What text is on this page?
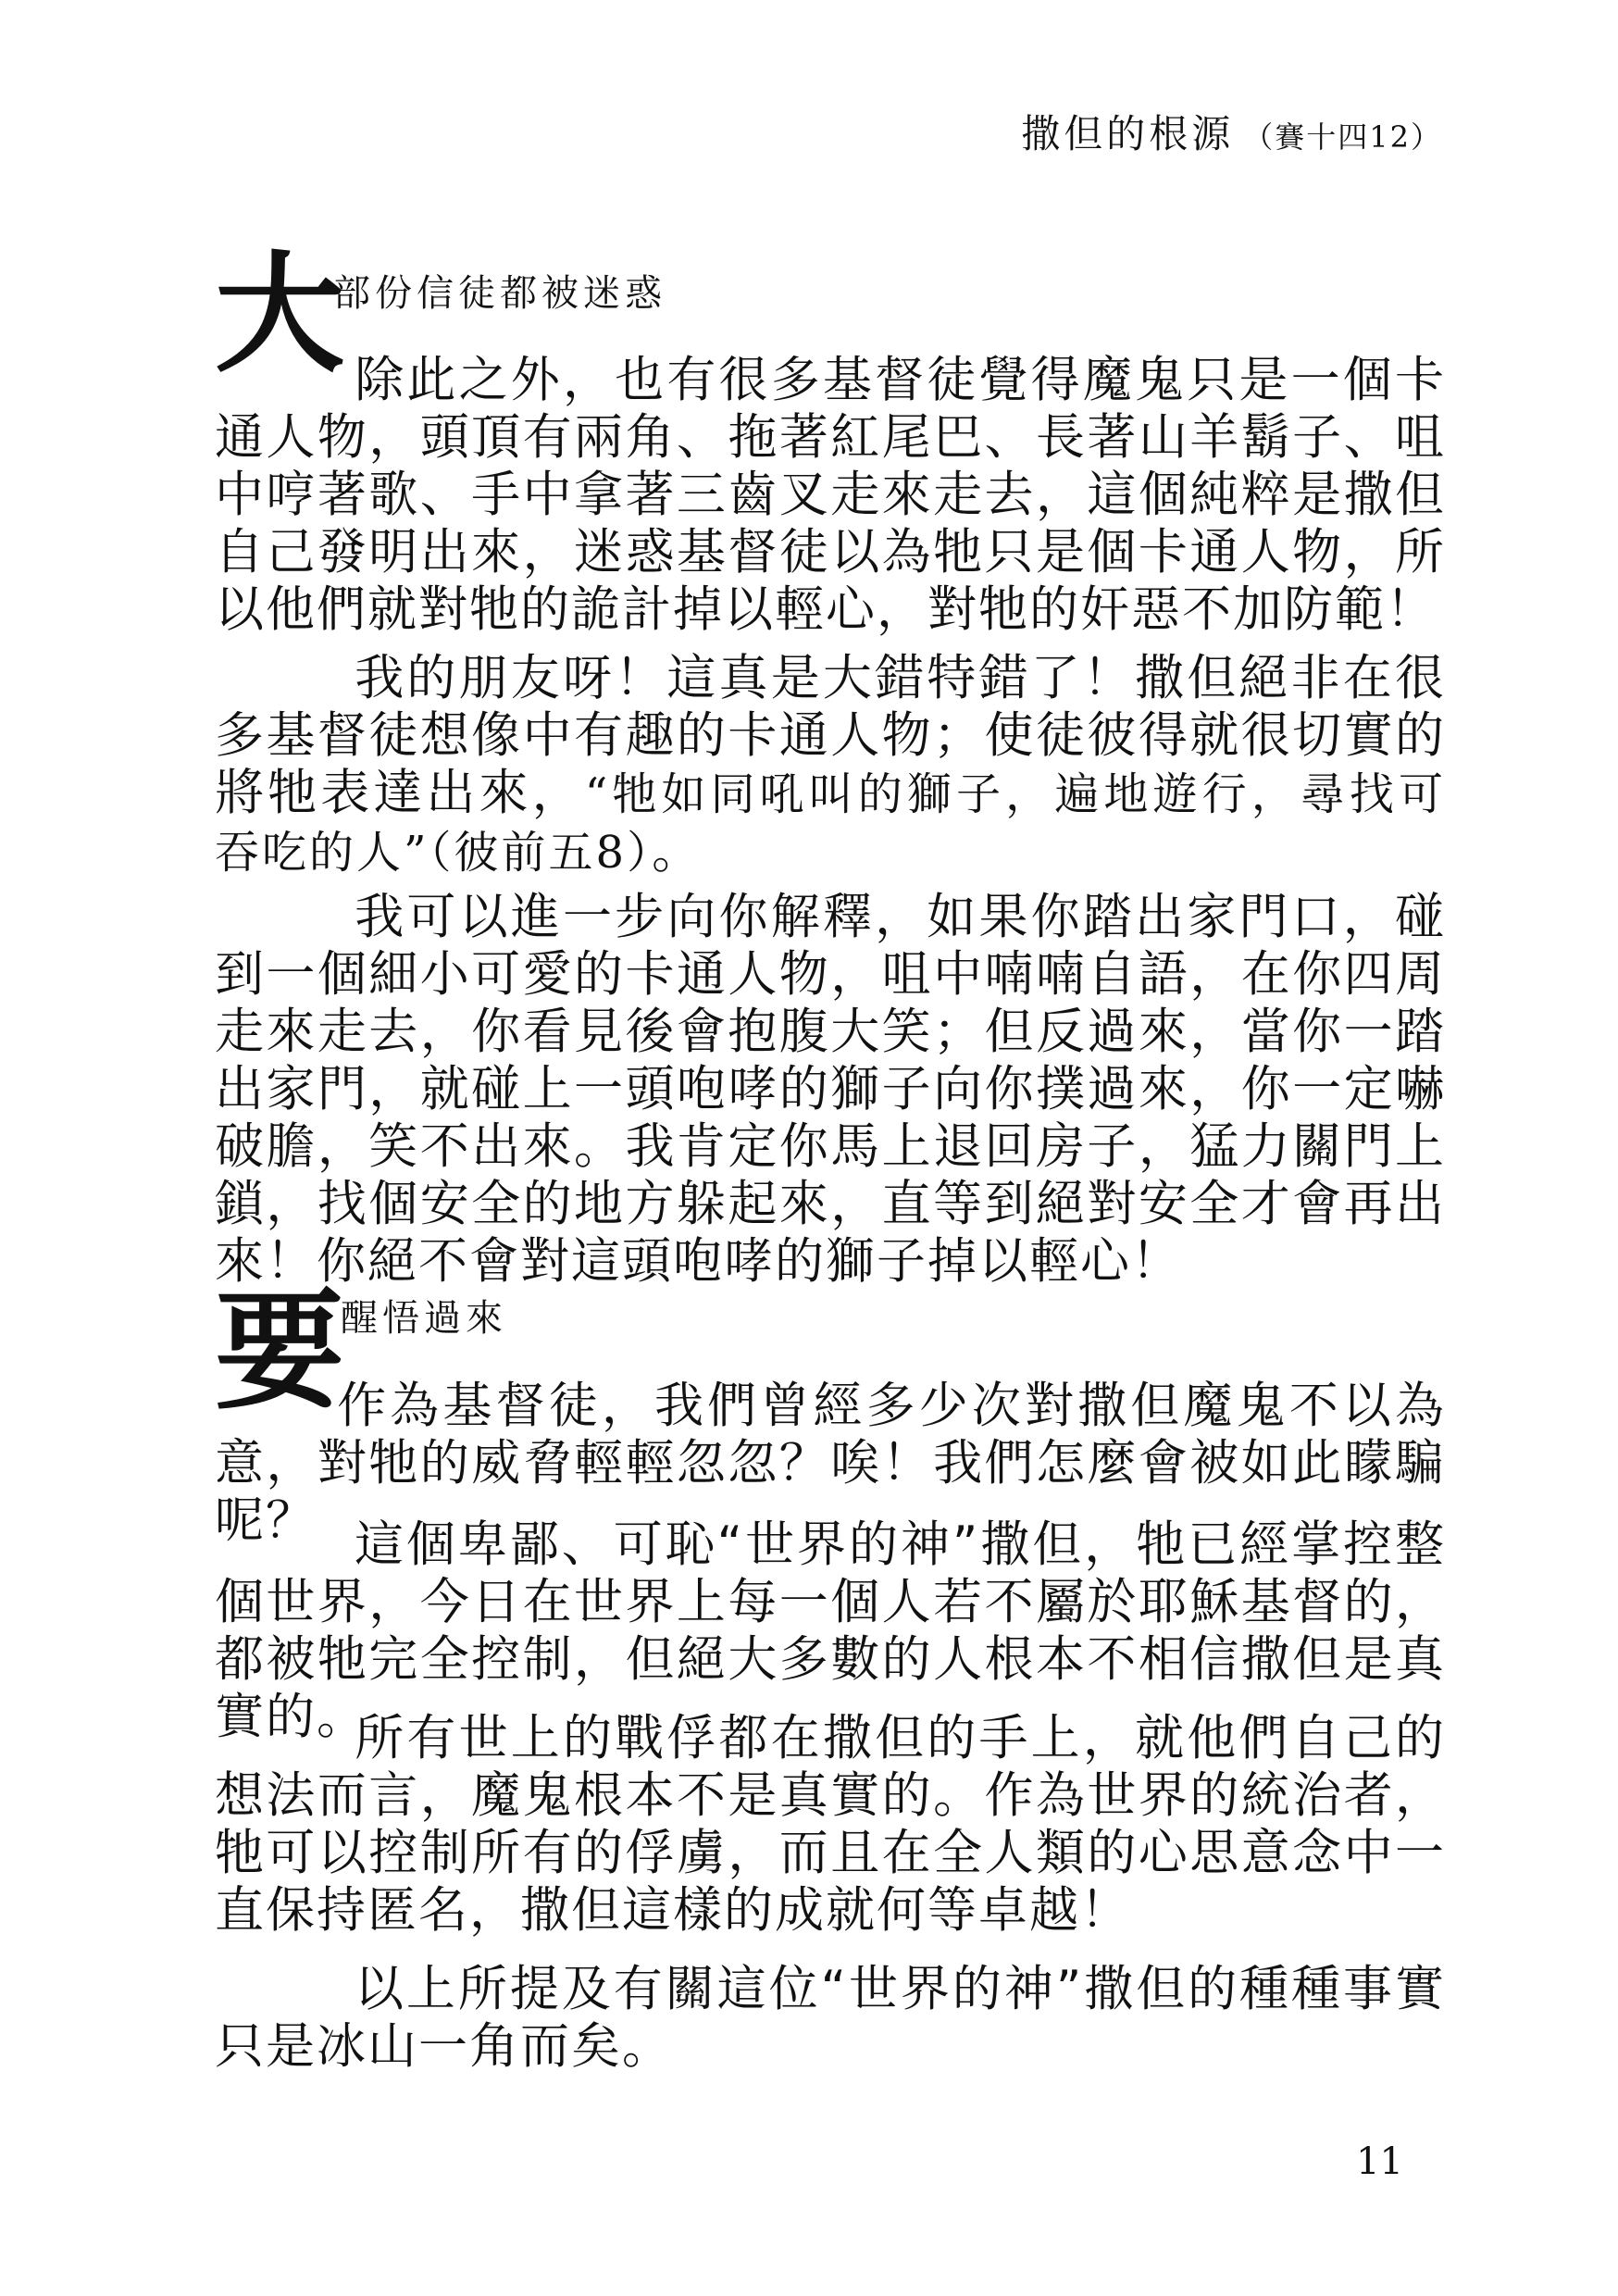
撒但的根源 （賽十四12）
大
部份信徒都被迷惑
除此之外，也有很多基督徒覺得魔鬼只是一個卡通人物，頭頂有兩角、拖著紅尾巴、長著山羊鬍子、咀中哼著歌、手中拿著三齒叉走來走去，這個純粹是撒但自己發明出來，迷惑基督徒以為牠只是個卡通人物，所以他們就對牠的詭計掉以輕心，對牠的奸惡不加防範！
我的朋友呀！這真是大錯特錯了！撒但絕非在很多基督徒想像中有趣的卡通人物；使徒彼得就很切實的將牠表達出來，“牠如同吼叫的獅子，遍地遊行，尋找可吞吃的人”（彼前五8）。
我可以進一步向你解釋，如果你踏出家門口，碰到一個細小可愛的卡通人物，咀中喃喃自語，在你四周走來走去，你看見後會抱腹大笑；但反過來，當你一踏出家門，就碰上一頭咆哮的獅子向你撲過來，你一定嚇破膽，笑不出來。我肯定你馬上退回房子，猛力關門上鎖，找個安全的地方躲起來，直等到絕對安全才會再出來！你絕不會對這頭咆哮的獅子掉以輕心！
要
醒悟過來
作為基督徒，我們曾經多少次對撒但魔鬼不以為意，對牠的威脅輕輕忽忽？唉！我們怎麼會被如此矇騙呢？ 這個卑鄙、可恥“世界的神”撒但，牠已經掌控整個世界，今日在世界上每一個人若不屬於耶穌基督的，都被牠完全控制，但絕大多數的人根本不相信撒但是真實的。
所有世上的戰俘都在撒但的手上，就他們自己的想法而言，魔鬼根本不是真實的。作為世界的統治者，牠可以控制所有的俘虜，而且在全人類的心思意念中一直保持匿名，撒但這樣的成就何等卓越！
以上所提及有關這位“世界的神”撒但的種種事實只是冰山一角而矣。
11
